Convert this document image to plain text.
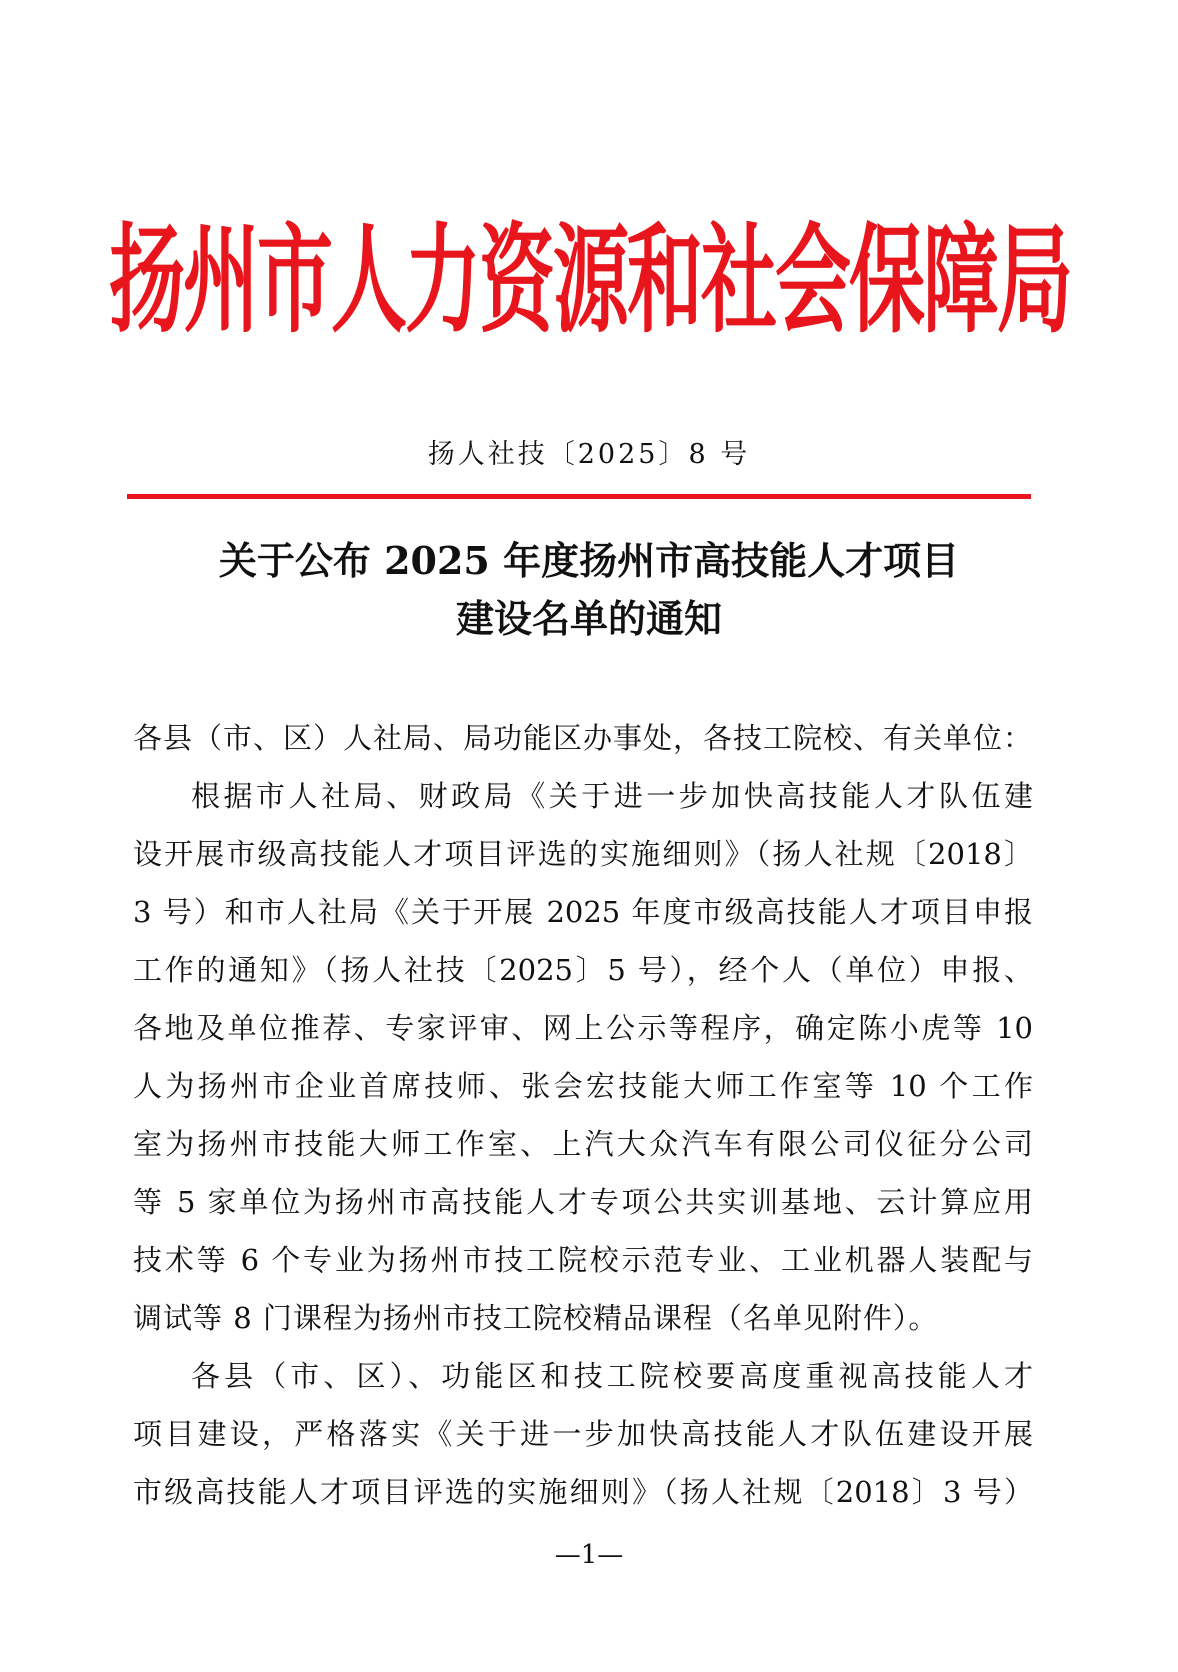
扬州市人力资源和社会保障局
扬人社技〔2025〕8 号
关于公布 2025 年度扬州市高技能人才项目
建设名单的通知
各县（市、区）人社局、局功能区办事处，各技工院校、有关单位：
根据市人社局、财政局《关于进一步加快高技能人才队伍建
设开展市级高技能人才项目评选的实施细则》（扬人社规〔2018〕
3 号）和市人社局《关于开展 2025 年度市级高技能人才项目申报
工作的通知》（扬人社技〔2025〕5 号），经个人（单位）申报、
各地及单位推荐、专家评审、网上公示等程序，确定陈小虎等 10
人为扬州市企业首席技师、张会宏技能大师工作室等 10 个工作
室为扬州市技能大师工作室、上汽大众汽车有限公司仪征分公司
等 5 家单位为扬州市高技能人才专项公共实训基地、云计算应用
技术等 6 个专业为扬州市技工院校示范专业、工业机器人装配与
调试等 8 门课程为扬州市技工院校精品课程（名单见附件）。
各县（市、区）、功能区和技工院校要高度重视高技能人才
项目建设，严格落实《关于进一步加快高技能人才队伍建设开展
市级高技能人才项目评选的实施细则》（扬人社规〔2018〕3 号）
—1—
